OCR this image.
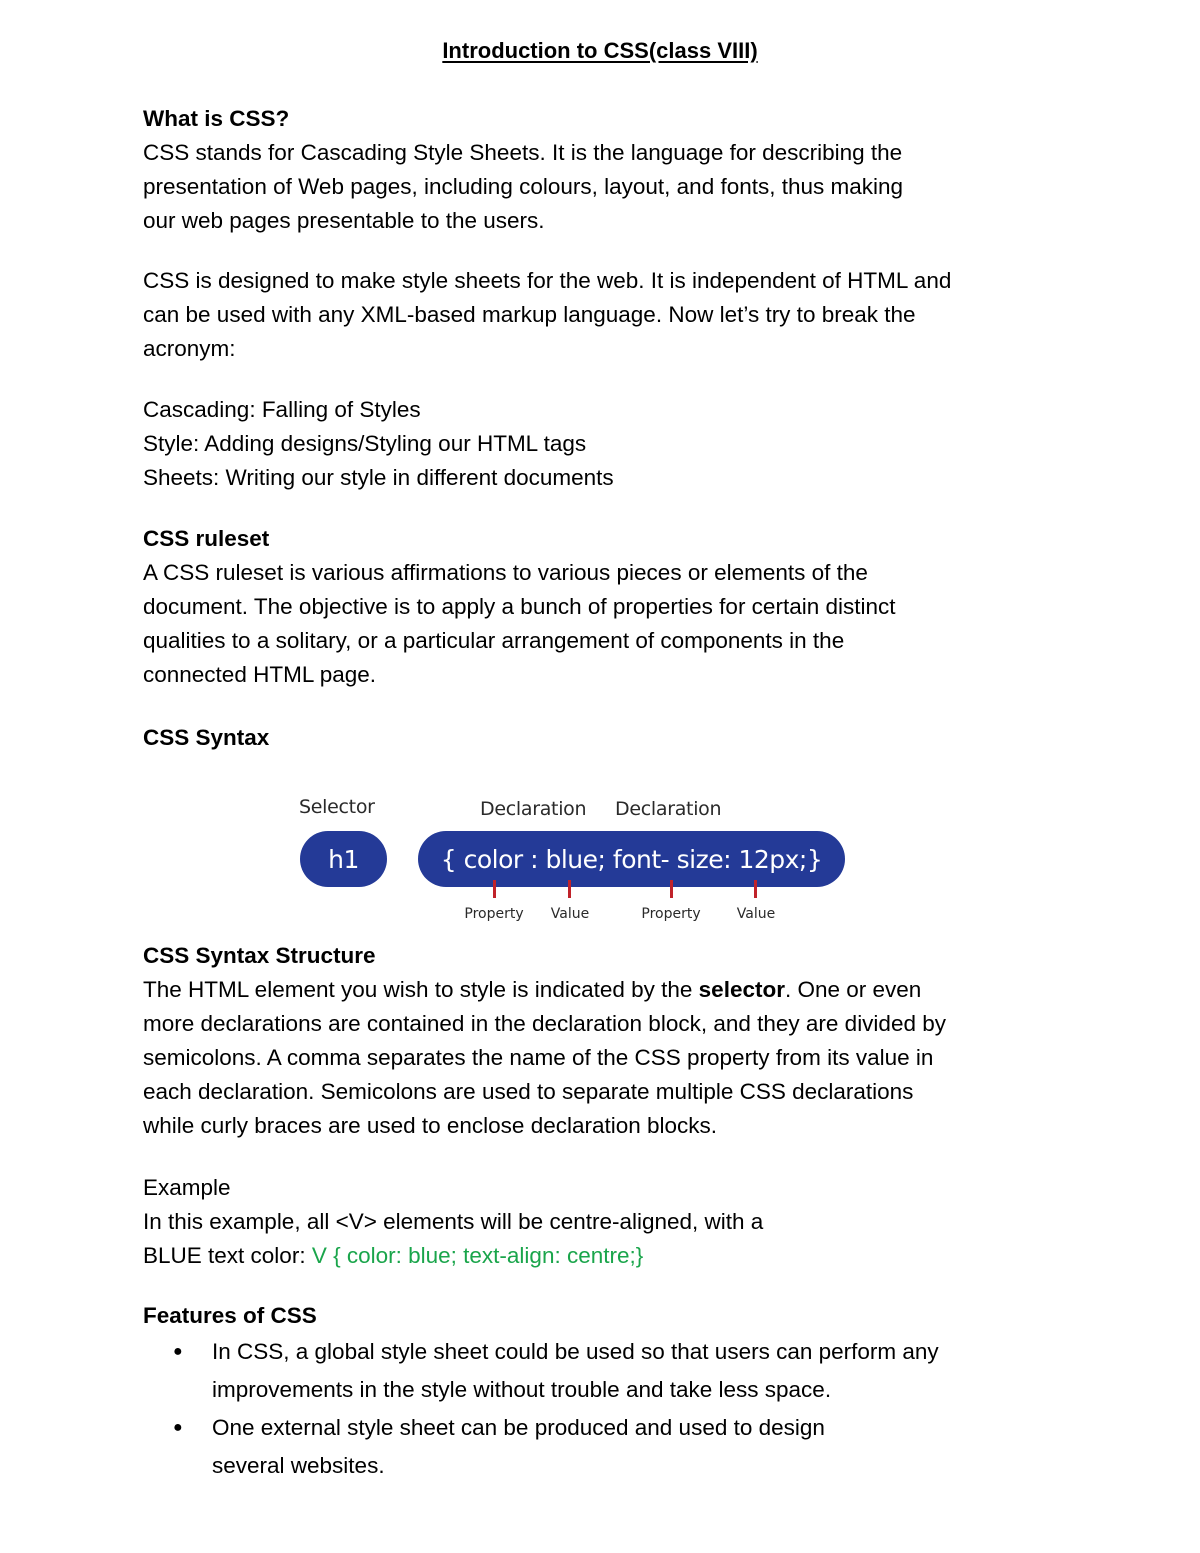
Introduction to CSS(class VIII)

What is CSS?

CSS stands for Cascading Style Sheets. It is the language for describing the

presentation of Web pages, including colours, layout, and fonts, thus making

our web pages presentable to the users.

CSS is designed to make style sheets for the web. It is independent of HTML and

can be used with any XML-based markup language. Now let’s try to break the

acronym:

Cascading: Falling of Styles

Style: Adding designs/Styling our HTML tags

Sheets: Writing our style in different documents

CSS ruleset

A CSS ruleset is various affirmations to various pieces or elements of the

document. The objective is to apply a bunch of properties for certain distinct

qualities to a solitary, or a particular arrangement of components in the

connected HTML page.

CSS Syntax

Selector	Declaration Declaration
h1	{ color : blue; font- size: 12px;}
Property Value	Property	Value

CSS Syntax Structure

The HTML element you wish to style is indicated by the selector. One or even

more declarations are contained in the declaration block, and they are divided by

semicolons. A comma separates the name of the CSS property from its value in

each declaration. Semicolons are used to separate multiple CSS declarations

while curly braces are used to enclose declaration blocks.

Example

In this example, all <V> elements will be centre-aligned, with a

BLUE text color: V { color: blue; text-align: centre;}

Features of CSS

● In CSS, a global style sheet could be used so that users can perform any
improvements in the style without trouble and take less space.
● One external style sheet can be produced and used to design
several websites.
